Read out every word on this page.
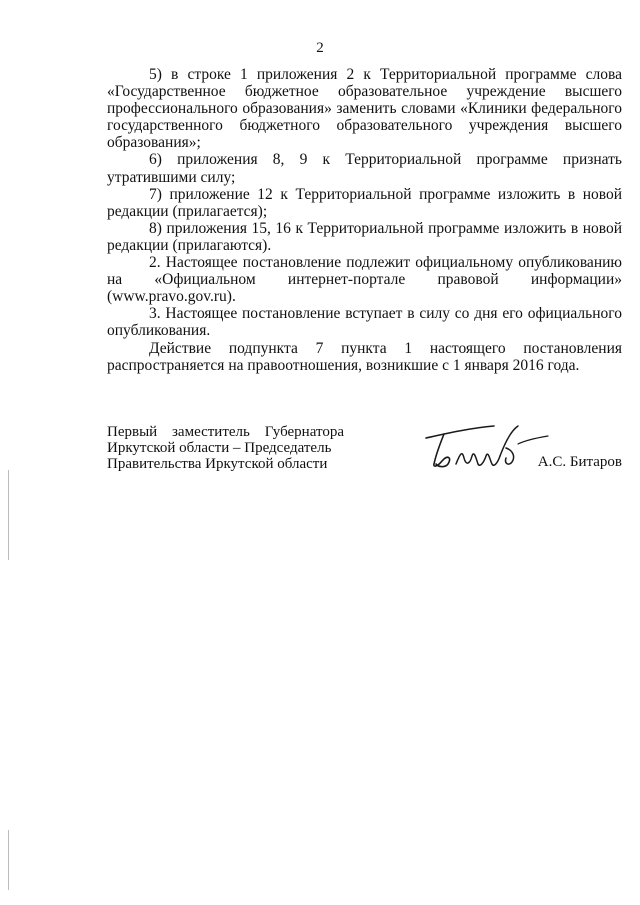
2

5) в строке 1 приложения 2 к Территориальной программе слова «Государственное бюджетное образовательное учреждение высшего профессионального образования» заменить словами «Клиники федерального государственного бюджетного образовательного учреждения высшего образования»;

6) приложения 8, 9 к Территориальной программе признать утратившими силу;

7) приложение 12 к Территориальной программе изложить в новой редакции (прилагается);

8) приложения 15, 16 к Территориальной программе изложить в новой редакции (прилагаются).

2. Настоящее постановление подлежит официальному опубликованию на «Официальном интернет-портале правовой информации» (www.pravo.gov.ru).

3. Настоящее постановление вступает в силу со дня его официального опубликования.

Действие подпункта 7 пункта 1 настоящего постановления распространяется на правоотношения, возникшие с 1 января 2016 года.

Первый заместитель Губернатора
Иркутской области – Председатель
Правительства Иркутской области	А.С. Битаров
